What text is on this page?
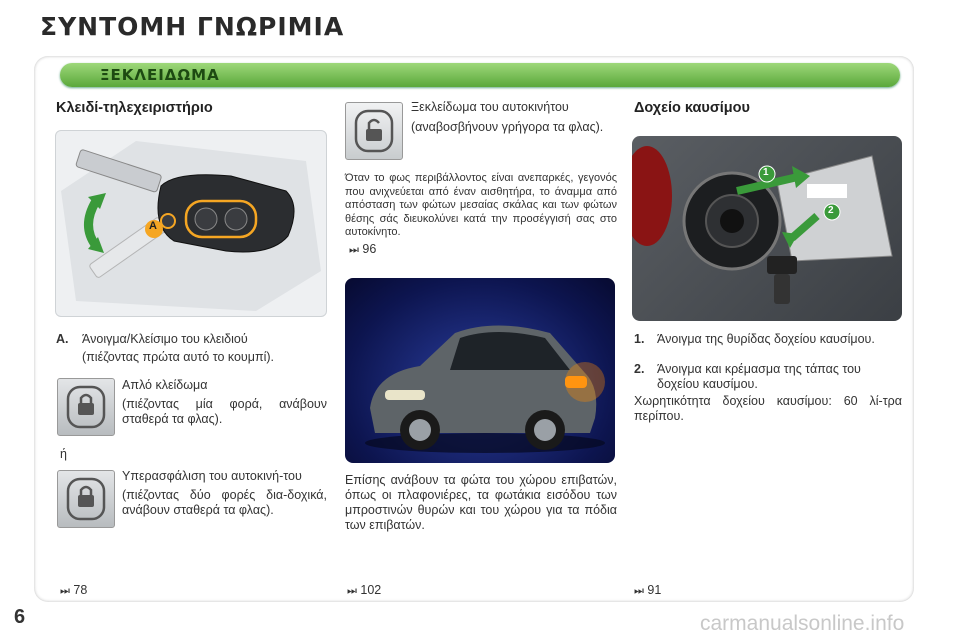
ΣΥΝΤΟΜΗ ΓΝΩΡΙΜΙΑ
ΞΕΚΛΕΙΔΩΜΑ
Κλειδί-τηλεχειριστήριο
A
A. Άνοιγμα/Κλείσιμο του κλειδιού

(πιέζοντας πρώτα αυτό το κουμπί).

Απλό κλείδωμα

(πιέζοντας μία φορά, ανάβουν σταθερά τα φλας).

ή

Υπερασφάλιση του αυτοκινή-του

(πιέζοντας δύο φορές δια-δοχικά, ανάβουν σταθερά τα φλας).

⏭ 78

Ξεκλείδωμα του αυτοκινήτου

(αναβοσβήνουν γρήγορα τα φλας).

Όταν το φως περιβάλλοντος είναι ανεπαρκές, γεγονός που ανιχνεύεται από έναν αισθητήρα, το άναμμα από απόσταση των φώτων μεσαίας σκάλας και των φώτων θέσης σάς διευκολύνει κατά την προσέγγισή σας στο αυτοκίνητο.
⏭ 96
Επίσης ανάβουν τα φώτα του χώρου επιβατών, όπως οι πλαφονιέρες, τα φωτάκια εισόδου των μπροστινών θυρών και του χώρου για τα πόδια των επιβατών.
⏭ 102
Δοχείο καυσίμου
1
2
1. Άνοιγμα της θυρίδας δοχείου καυσίμου.
2. Άνοιγμα και κρέμασμα της τάπας του δοχείου καυσίμου.
Χωρητικότητα δοχείου καυσίμου: 60 λί-τρα περίπου.
⏭ 91
6	carmanualsonline.info
